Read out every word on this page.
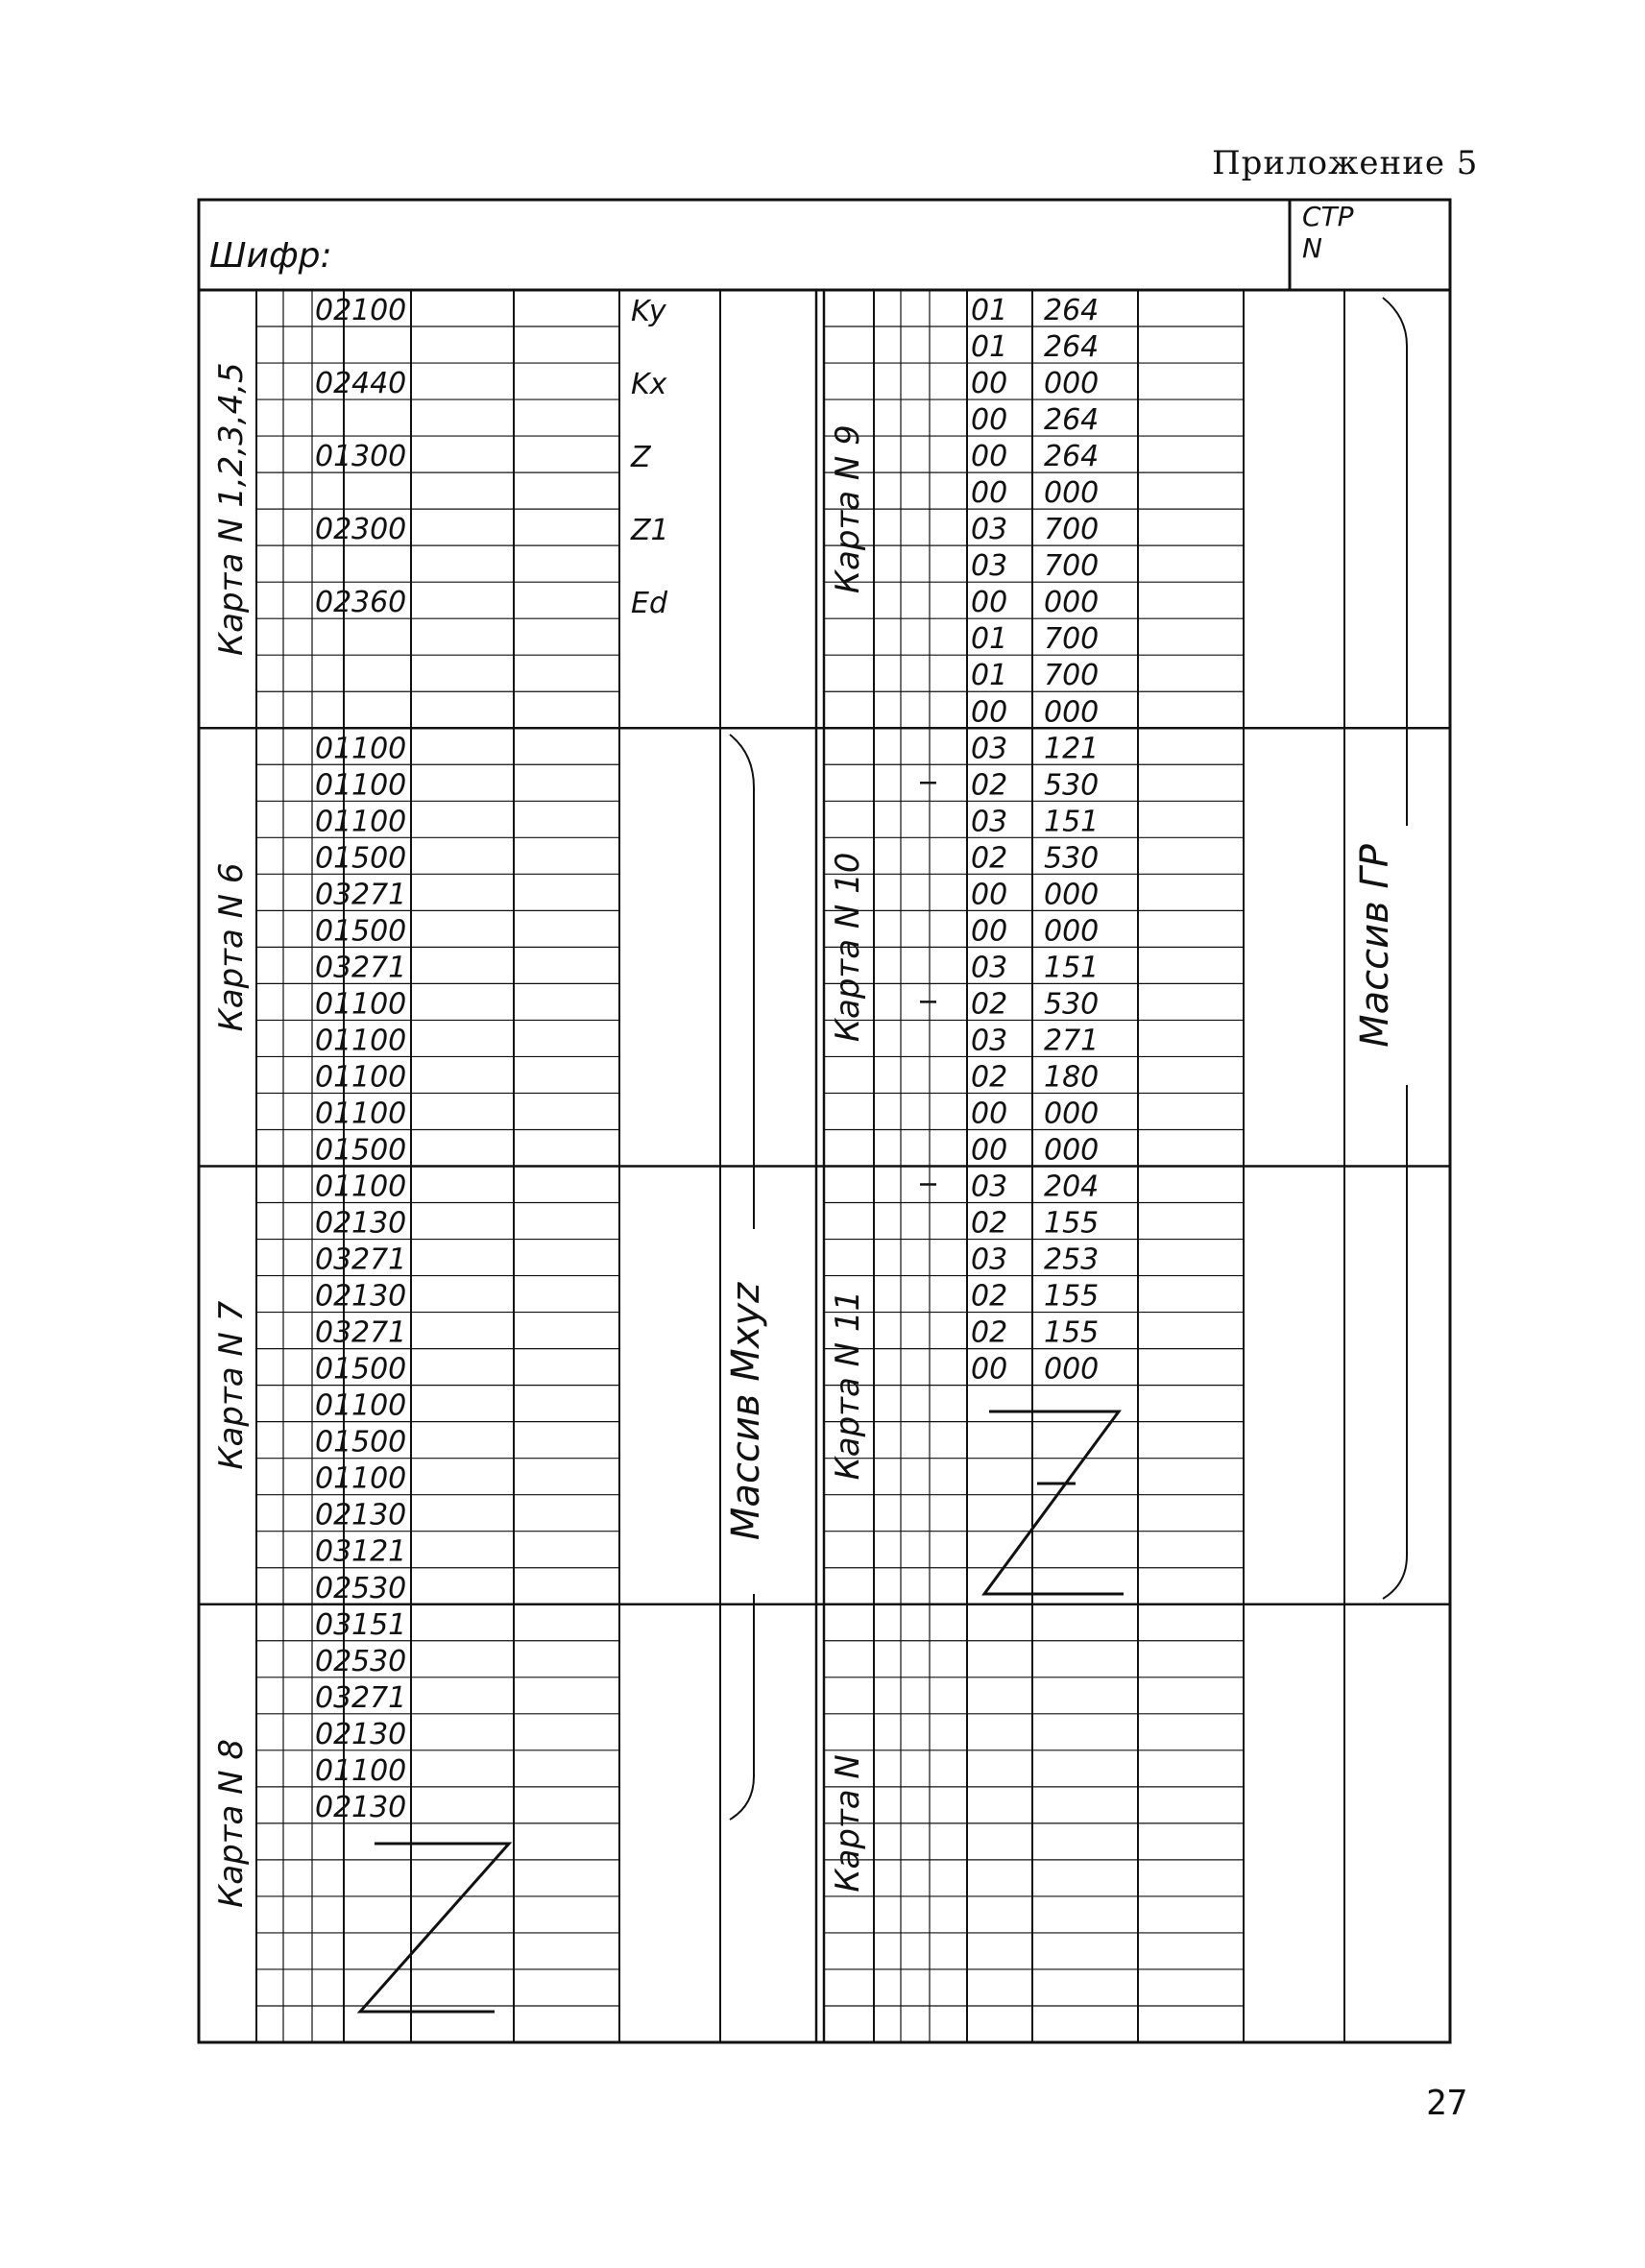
Приложение 5
27
Шифр:
СТР
N
02 100
02 440
01 300
02 300
02 360
Карта N 1,2,3,4,5
01 100
01 100
01 100
01 500
03 271
01 500
03 271
01 100
01 100
01 100
01 100
01 500
Карта N 6
01 100
02 130
03 271
02 130
03 271
01 500
01 100
01 500
01 100
02 130
03 121
02 530
Карта N 7
03 151
02 530
03 271
02 130
01 100
02 130
Карта N 8
01 264
01 264
00 000
00 264
00 264
00 000
03 700
03 700
00 000
01 700
01 700
00 000
Карта N 9
03 121
02 530
03 151
02 530
00 000
00 000
03 151
02 530
03 271
02 180
00 000
00 000
Карта N 10
03 204
02 155
03 253
02 155
02 155
00 000
Карта N 11
Карта N
Ky
Kx
Z
Z1
Ed
Массив Mxyz
Массив ГР
